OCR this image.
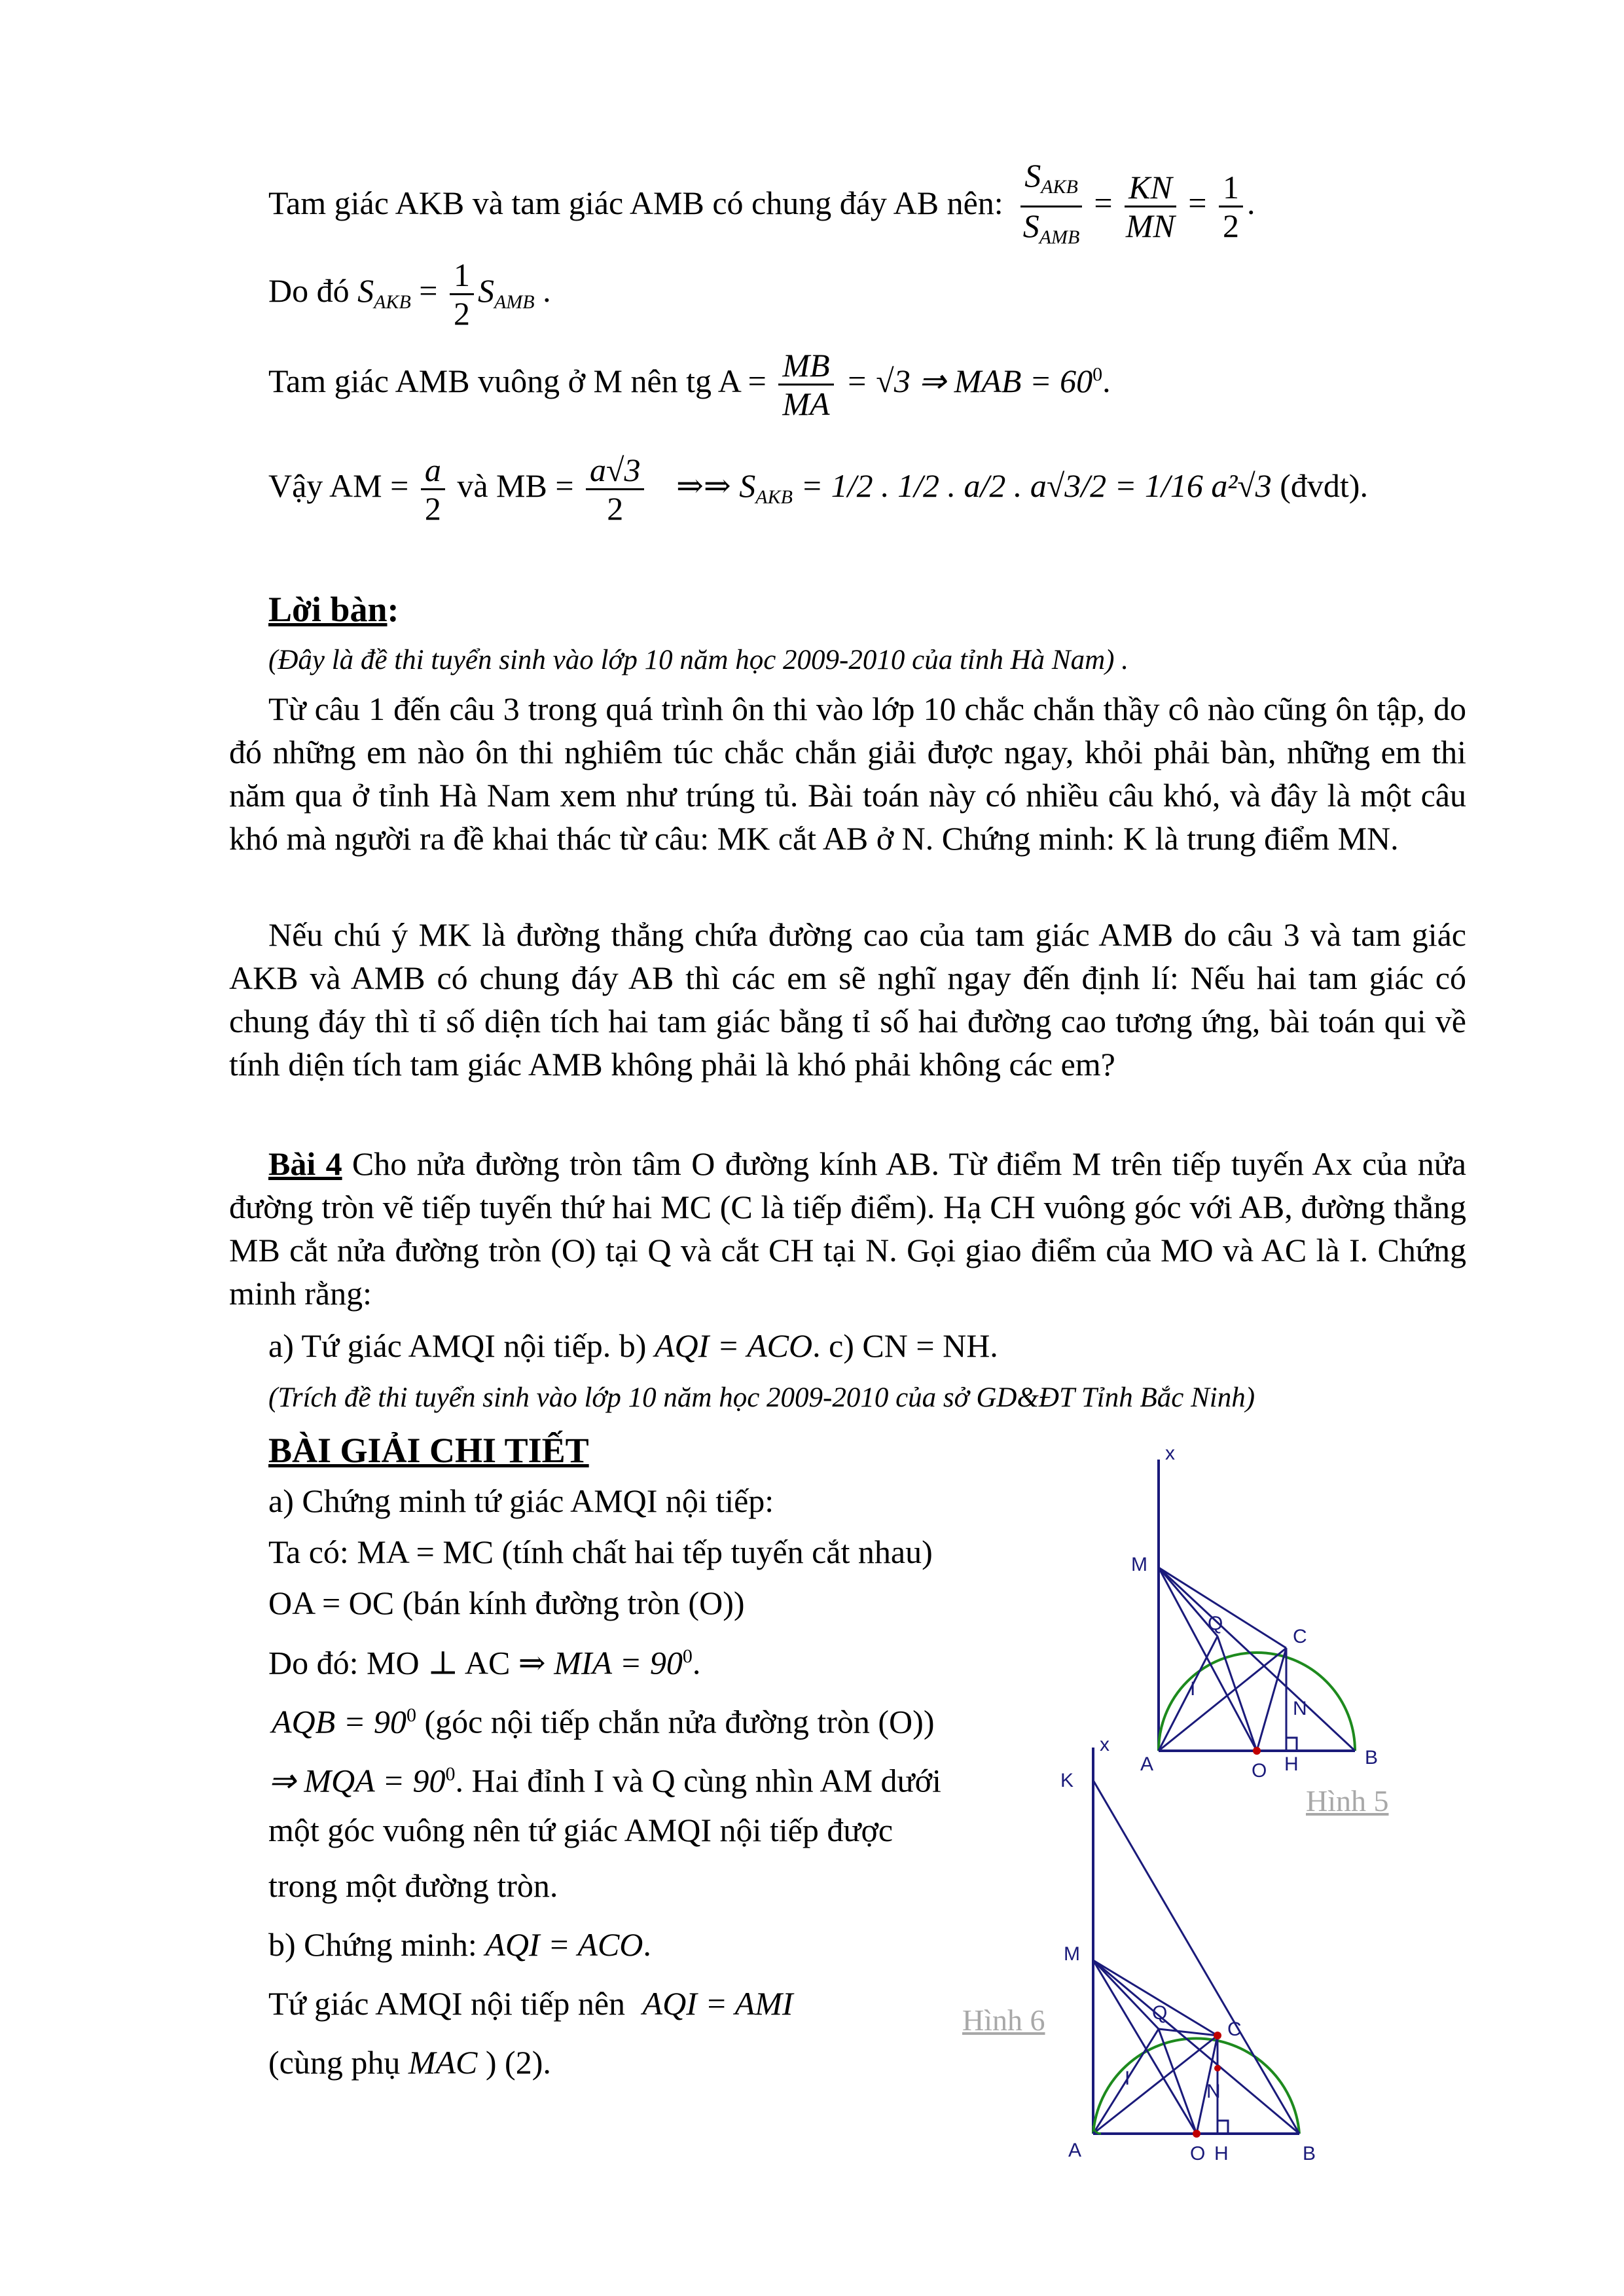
Tam giác AKB và tam giác AMB có chung đáy AB nên: $\frac{S_{AKB}}{S_{AMB}} = \frac{KN}{MN} = \frac{1}{2}$ .
Do đó $S_{AKB} = \frac{1}{2} S_{AMB}$ .
Tam giác AMB vuông ở M nên tg $A = \frac{MB}{MA} = √3$ ⇒ MAB = $60^0$.
Vậy AM = $\frac{a}{2}$ và MB = $\frac{a√3}{2}$ ⇒⇒ $S_{AKB} = 1/2$ . 1/2 . a/2 . a√3/2 = 1/16 a²√3 (đvdt).
Lời bàn:
(Đây là đề thi tuyển sinh vào lớp 10 năm học 2009-2010 của tỉnh Hà Nam) .
Từ câu 1 đến câu 3 trong quá trình ôn thi vào lớp 10 chắc chắn thầy cô nào cũng ôn tập, do đó những em nào ôn thi nghiêm túc chắc chắn giải được ngay, khỏi phải bàn, những em thi năm qua ở tỉnh Hà Nam xem như trúng tủ. Bài toán này có nhiều câu khó, và đây là một câu khó mà người ra đề khai thác từ câu: MK cắt AB ở N. Chứng minh: K là trung điểm MN.
Nếu chú ý MK là đường thẳng chứa đường cao của tam giác AMB do câu 3 và tam giác AKB và AMB có chung đáy AB thì các em sẽ nghĩ ngay đến định lí: Nếu hai tam giác có chung đáy thì tỉ số diện tích hai tam giác bằng tỉ số hai đường cao tương ứng, bài toán qui về tính diện tích tam giác AMB không phải là khó phải không các em?
Bài 4 Cho nửa đường tròn tâm O đường kính AB. Từ điểm M trên tiếp tuyến Ax của nửa đường tròn vẽ tiếp tuyến thứ hai MC (C là tiếp điểm). Hạ CH vuông góc với AB, đường thẳng MB cắt nửa đường tròn (O) tại Q và cắt CH tại N. Gọi giao điểm của MO và AC là I. Chứng minh rằng:
a) Tứ giác AMQI nội tiếp. b) AQI = ACO. c) CN = NH.
(Trích đề thi tuyển sinh vào lớp 10 năm học 2009-2010 của sở GD&ĐT Tỉnh Bắc Ninh)
BÀI GIẢI CHI TIẾT
a) Chứng minh tứ giác AMQI nội tiếp:
Ta có: MA = MC (tính chất hai tếp tuyến cắt nhau)
OA = OC (bán kính đường tròn (O))
Do đó: MO ⊥ AC ⇒ MIA = $90^0$.
AQB = $90^0$ (góc nội tiếp chắn nửa đường tròn (O))
⇒ MQA = $90^0$. Hai đỉnh I và Q cùng nhìn AM dưới
một góc vuông nên tứ giác AMQI nội tiếp được
trong một đường tròn.
b) Chứng minh: AQI = ACO.
Tứ giác AMQI nội tiếp nên AQI = AMI
(cùng phụ MAC ) (2).
x
M
Q
C
I
N
A	O H	B
Hình 5
x
K
M
Q
C
I
N
A	O H	B
Hình 6
